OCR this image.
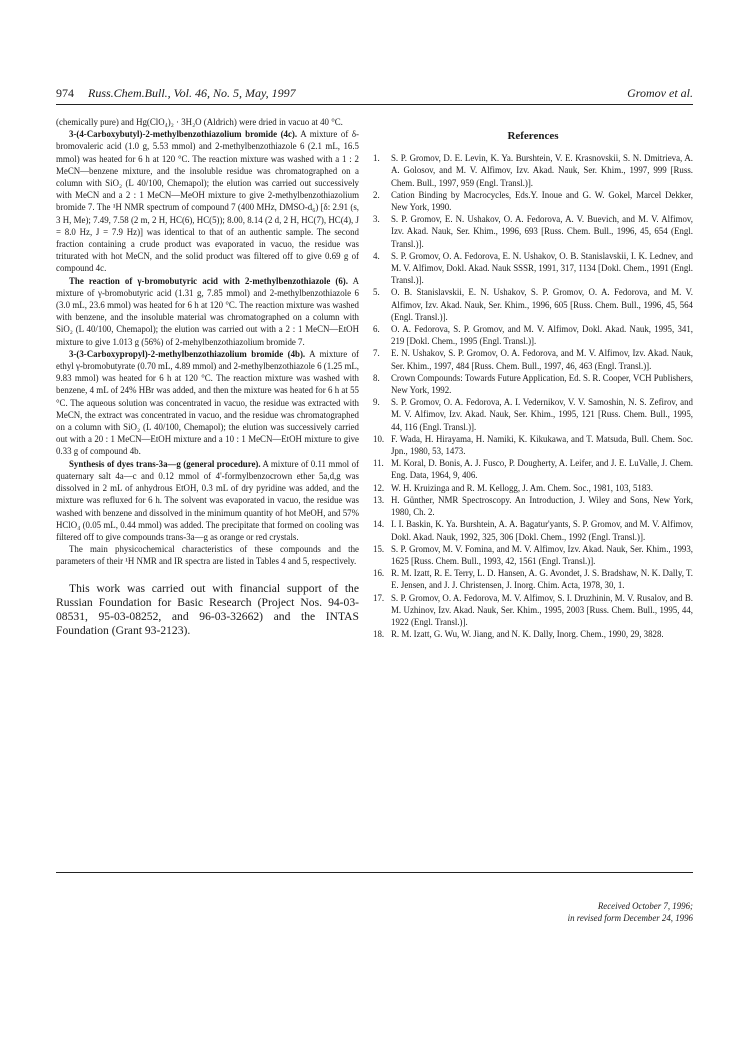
974 Russ.Chem.Bull., Vol. 46, No. 5, May, 1997	Gromov et al.

(chemically pure) and Hg(ClO₄)₂ · 3H₂O (Aldrich) were dried in vacuo at 40 °C.

3-(4-Carboxybutyl)-2-methylbenzothiazolium bromide (4c). A mixture of δ-bromovaleric acid (1.0 g, 5.53 mmol) and 2-methylbenzothiazole 6 (2.1 mL, 16.5 mmol) was heated for 6 h at 120 °C. The reaction mixture was washed with a 1 : 2 MeCN—benzene mixture, and the insoluble residue was chromatographed on a column with SiO₂ (L 40/100, Chemapol); the elution was carried out successively with MeCN and a 2 : 1 MeCN—MeOH mixture to give 2-methylbenzothiazolium bromide 7. The ¹H NMR spectrum of compound 7 (400 MHz, DMSO-d₆) [δ: 2.91 (s, 3 H, Me); 7.49, 7.58 (2 m, 2 H, HC(6), HC(5)); 8.00, 8.14 (2 d, 2 H, HC(7), HC(4), J = 8.0 Hz, J = 7.9 Hz)] was identical to that of an authentic sample. The second fraction containing a crude product was evaporated in vacuo, the residue was triturated with hot MeCN, and the solid product was filtered off to give 0.69 g of compound 4c.

The reaction of γ-bromobutyric acid with 2-methylbenzothiazole (6). A mixture of γ-bromobutyric acid (1.31 g, 7.85 mmol) and 2-methylbenzothiazole 6 (3.0 mL, 23.6 mmol) was heated for 6 h at 120 °C. The reaction mixture was washed with benzene, and the insoluble material was chromatographed on a column with SiO₂ (L 40/100, Chemapol); the elution was carried out with a 2 : 1 MeCN—EtOH mixture to give 1.013 g (56%) of 2-mehylbenzothiazolium bromide 7.

3-(3-Carboxypropyl)-2-methylbenzothiazolium bromide (4b). A mixture of ethyl γ-bromobutyrate (0.70 mL, 4.89 mmol) and 2-methylbenzothiazole 6 (1.25 mL, 9.83 mmol) was heated for 6 h at 120 °C. The reaction mixture was washed with benzene, 4 mL of 24% HBr was added, and then the mixture was heated for 6 h at 55 °C. The aqueous solution was concentrated in vacuo, the residue was extracted with MeCN, the extract was concentrated in vacuo, and the residue was chromatographed on a column with SiO₂ (L 40/100, Chemapol); the elution was successively carried out with a 20 : 1 MeCN—EtOH mixture and a 10 : 1 MeCN—EtOH mixture to give 0.33 g of compound 4b.

Synthesis of dyes trans-3a—g (general procedure). A mixture of 0.11 mmol of quaternary salt 4a—c and 0.12 mmol of 4'-formylbenzocrown ether 5a,d,g was dissolved in 2 mL of anhydrous EtOH, 0.3 mL of dry pyridine was added, and the mixture was refluxed for 6 h. The solvent was evaporated in vacuo, the residue was washed with benzene and dissolved in the minimum quantity of hot MeOH, and 57% HClO₄ (0.05 mL, 0.44 mmol) was added. The precipitate that formed on cooling was filtered off to give compounds trans-3a—g as orange or red crystals.

The main physicochemical characteristics of these compounds and the parameters of their ¹H NMR and IR spectra are listed in Tables 4 and 5, respectively.

This work was carried out with financial support of the Russian Foundation for Basic Research (Project Nos. 94-03-08531, 95-03-08252, and 96-03-32662) and the INTAS Foundation (Grant 93-2123).

References
1.	S. P. Gromov, D. E. Levin, K. Ya. Burshtein, V. E. Krasnovskii, S. N. Dmitrieva, A. A. Golosov, and M. V. Alfimov, Izv. Akad. Nauk, Ser. Khim., 1997, 999 [Russ. Chem. Bull., 1997, 959 (Engl. Transl.)].
2.	Cation Binding by Macrocycles, Eds.Y. Inoue and G. W. Gokel, Marcel Dekker, New York, 1990.
3.	S. P. Gromov, E. N. Ushakov, O. A. Fedorova, A. V. Buevich, and M. V. Alfimov, Izv. Akad. Nauk, Ser. Khim., 1996, 693 [Russ. Chem. Bull., 1996, 45, 654 (Engl. Transl.)].
4.	S. P. Gromov, O. A. Fedorova, E. N. Ushakov, O. B. Stanislavskii, I. K. Lednev, and M. V. Alfimov, Dokl. Akad. Nauk SSSR, 1991, 317, 1134 [Dokl. Chem., 1991 (Engl. Transl.)].
5.	O. B. Stanislavskii, E. N. Ushakov, S. P. Gromov, O. A. Fedorova, and M. V. Alfimov, Izv. Akad. Nauk, Ser. Khim., 1996, 605 [Russ. Chem. Bull., 1996, 45, 564 (Engl. Transl.)].
6.	O. A. Fedorova, S. P. Gromov, and M. V. Alfimov, Dokl. Akad. Nauk, 1995, 341, 219 [Dokl. Chem., 1995 (Engl. Transl.)].
7.	E. N. Ushakov, S. P. Gromov, O. A. Fedorova, and M. V. Alfimov, Izv. Akad. Nauk, Ser. Khim., 1997, 484 [Russ. Chem. Bull., 1997, 46, 463 (Engl. Transl.)].
8.	Crown Compounds: Towards Future Application, Ed. S. R. Cooper, VCH Publishers, New York, 1992.
9.	S. P. Gromov, O. A. Fedorova, A. I. Vedernikov, V. V. Samoshin, N. S. Zefirov, and M. V. Alfimov, Izv. Akad. Nauk, Ser. Khim., 1995, 121 [Russ. Chem. Bull., 1995, 44, 116 (Engl. Transl.)].
10. F. Wada, H. Hirayama, H. Namiki, K. Kikukawa, and T. Matsuda, Bull. Chem. Soc. Jpn., 1980, 53, 1473.
11. M. Koral, D. Bonis, A. J. Fusco, P. Dougherty, A. Leifer, and J. E. LuValle, J. Chem. Eng. Data, 1964, 9, 406.
12. W. H. Kruizinga and R. M. Kellogg, J. Am. Chem. Soc., 1981, 103, 5183.
13. H. Günther, NMR Spectroscopy. An Introduction, J. Wiley and Sons, New York, 1980, Ch. 2.
14. I. I. Baskin, K. Ya. Burshtein, A. A. Bagatur'yants, S. P. Gromov, and M. V. Alfimov, Dokl. Akad. Nauk, 1992, 325, 306 [Dokl. Chem., 1992 (Engl. Transl.)].
15. S. P. Gromov, M. V. Fomina, and M. V. Alfimov, Izv. Akad. Nauk, Ser. Khim., 1993, 1625 [Russ. Chem. Bull., 1993, 42, 1561 (Engl. Transl.)].
16. R. M. Izatt, R. E. Terry, L. D. Hansen, A. G. Avondet, J. S. Bradshaw, N. K. Dally, T. E. Jensen, and J. J. Christensen, J. Inorg. Chim. Acta, 1978, 30, 1.
17. S. P. Gromov, O. A. Fedorova, M. V. Alfimov, S. I. Druzhinin, M. V. Rusalov, and B. M. Uzhinov, Izv. Akad. Nauk, Ser. Khim., 1995, 2003 [Russ. Chem. Bull., 1995, 44, 1922 (Engl. Transl.)].
18. R. M. Izatt, G. Wu, W. Jiang, and N. K. Dally, Inorg. Chem., 1990, 29, 3828.
Received October 7, 1996;
in revised form December 24, 1996
